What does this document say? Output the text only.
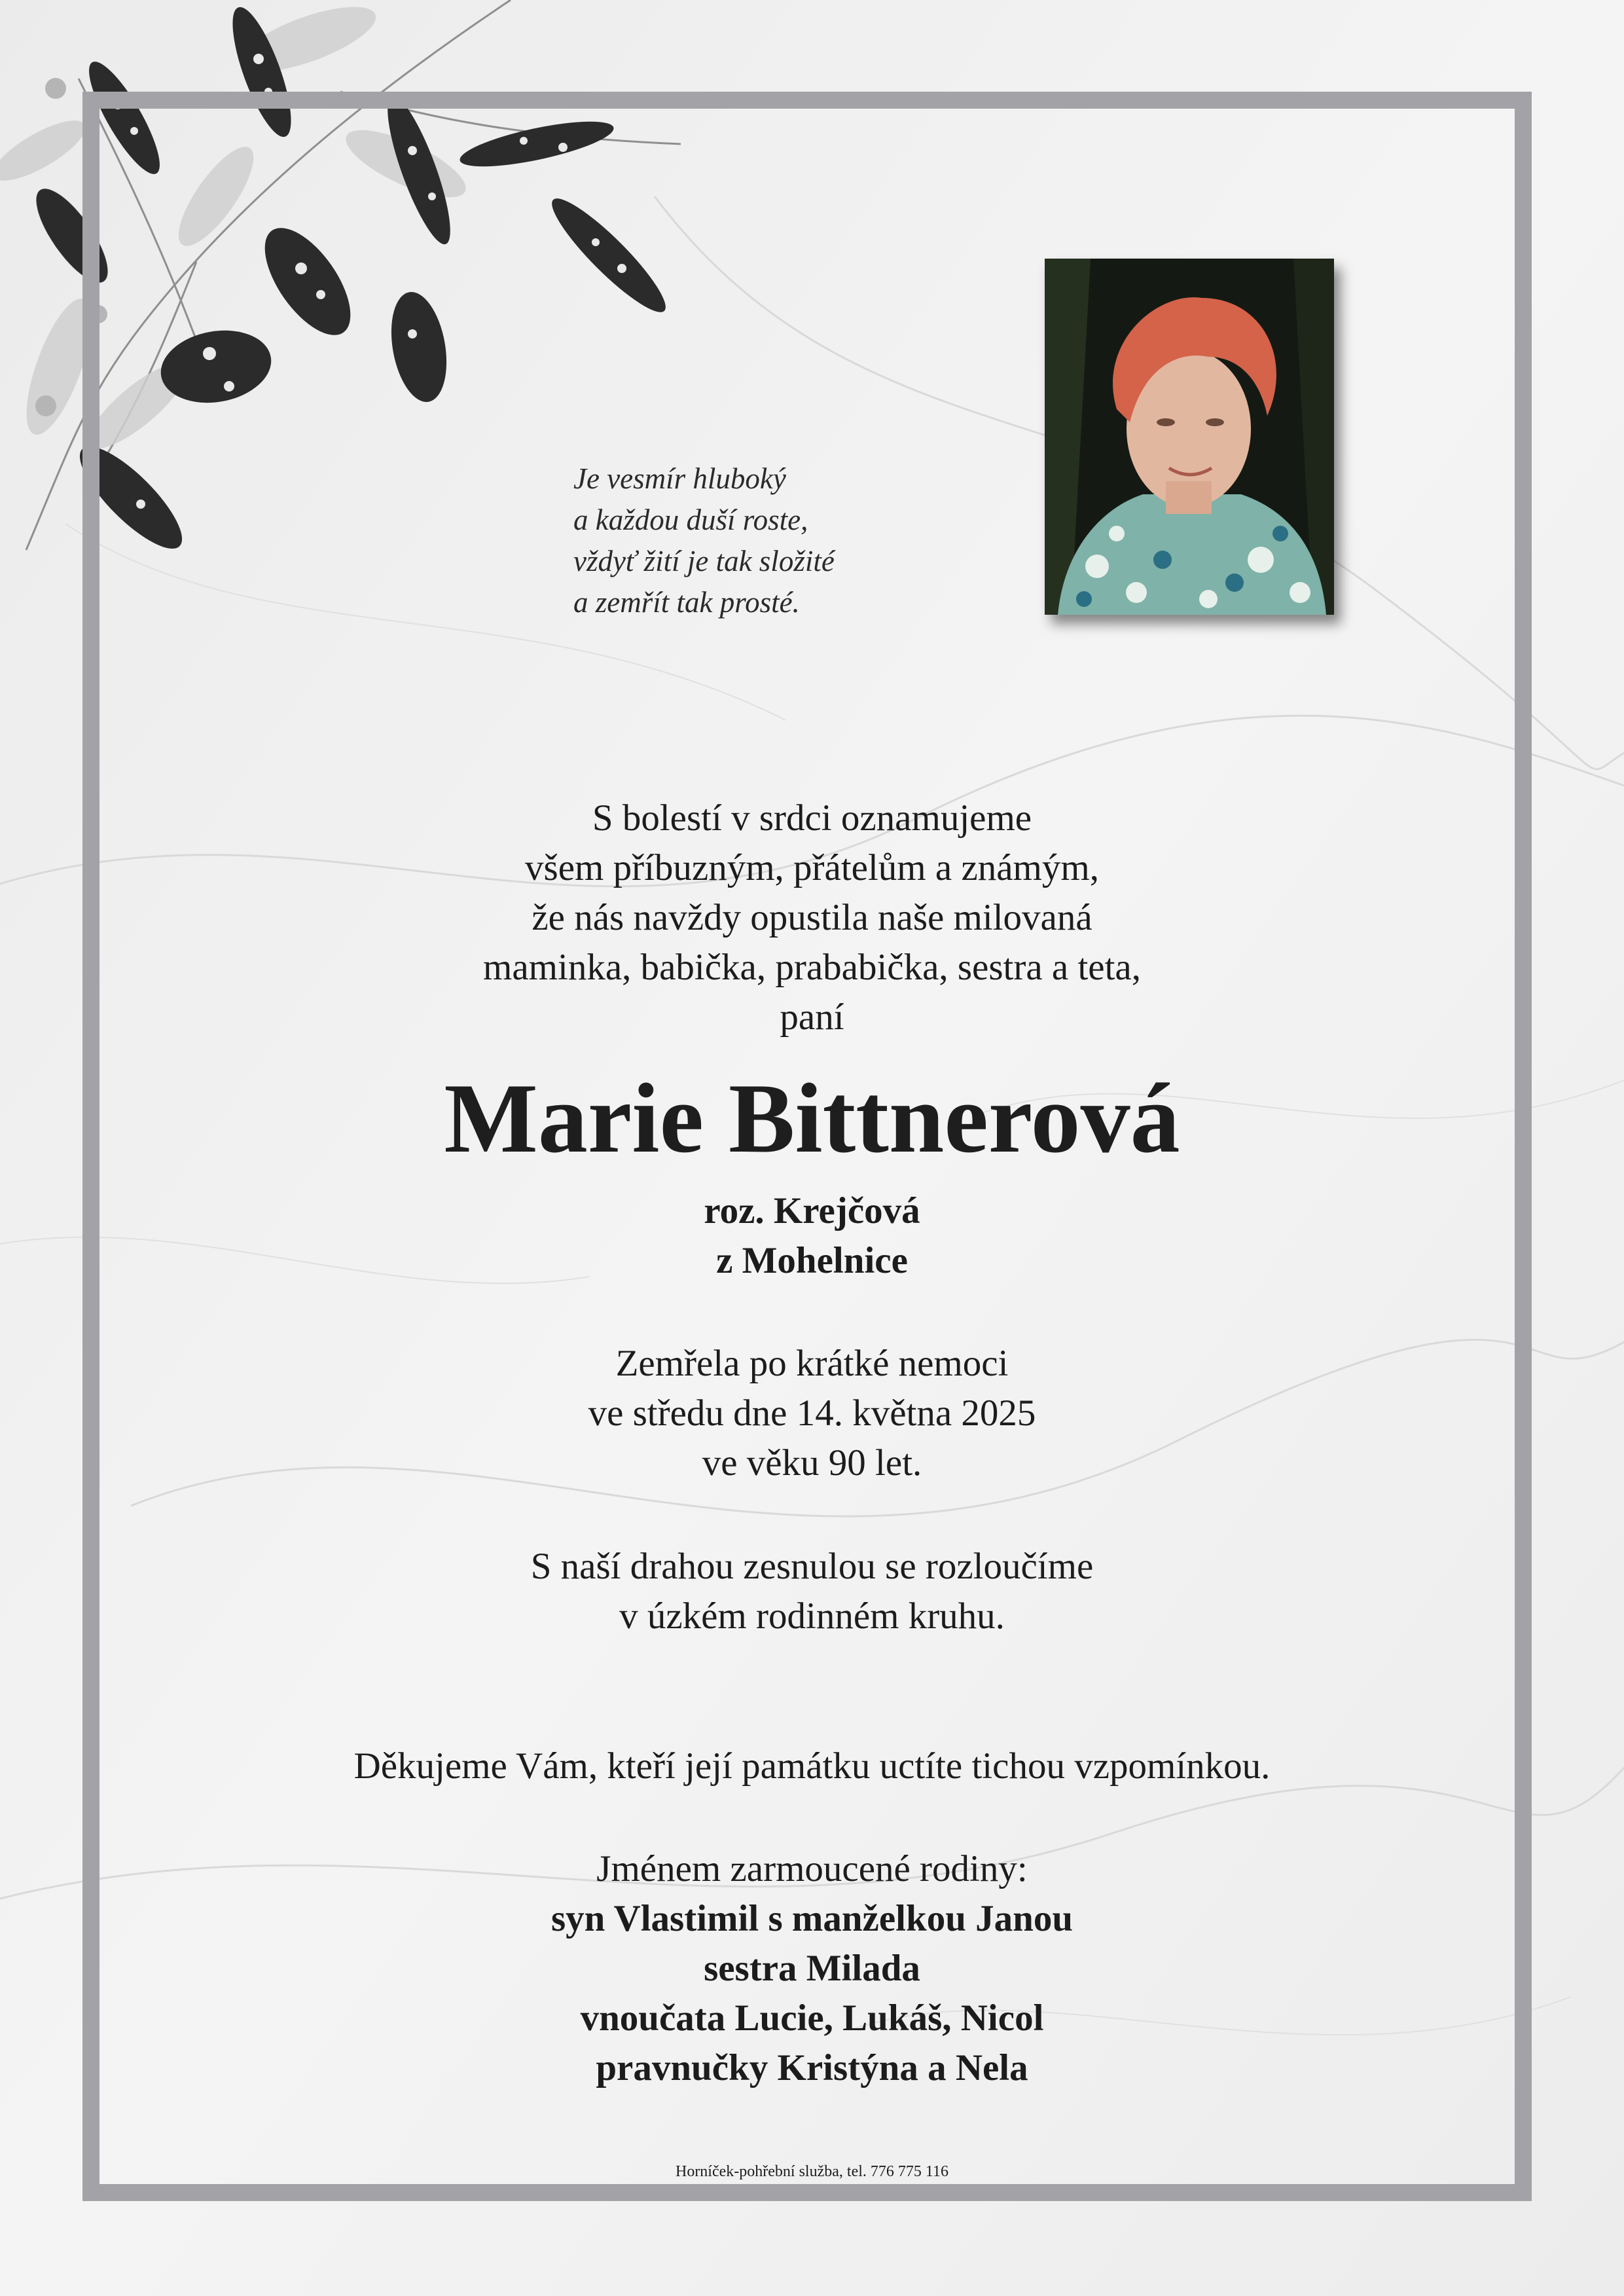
Je vesmír hluboký
a každou duší roste,
vždyť žití je tak složité
a zemřít tak prosté.
S bolestí v srdci oznamujeme
všem příbuzným, přátelům a známým,
že nás navždy opustila naše milovaná
maminka, babička, prababička, sestra a teta,
paní
Marie Bittnerová
roz. Krejčová
z Mohelnice
Zemřela po krátké nemoci
ve středu dne 14. května 2025
ve věku 90 let.
S naší drahou zesnulou se rozloučíme
v úzkém rodinném kruhu.
Děkujeme Vám, kteří její památku uctíte tichou vzpomínkou.
Jménem zarmoucené rodiny:
syn Vlastimil s manželkou Janou
sestra Milada
vnoučata Lucie, Lukáš, Nicol
pravnučky Kristýna a Nela
Horníček-pohřební služba, tel. 776 775 116
